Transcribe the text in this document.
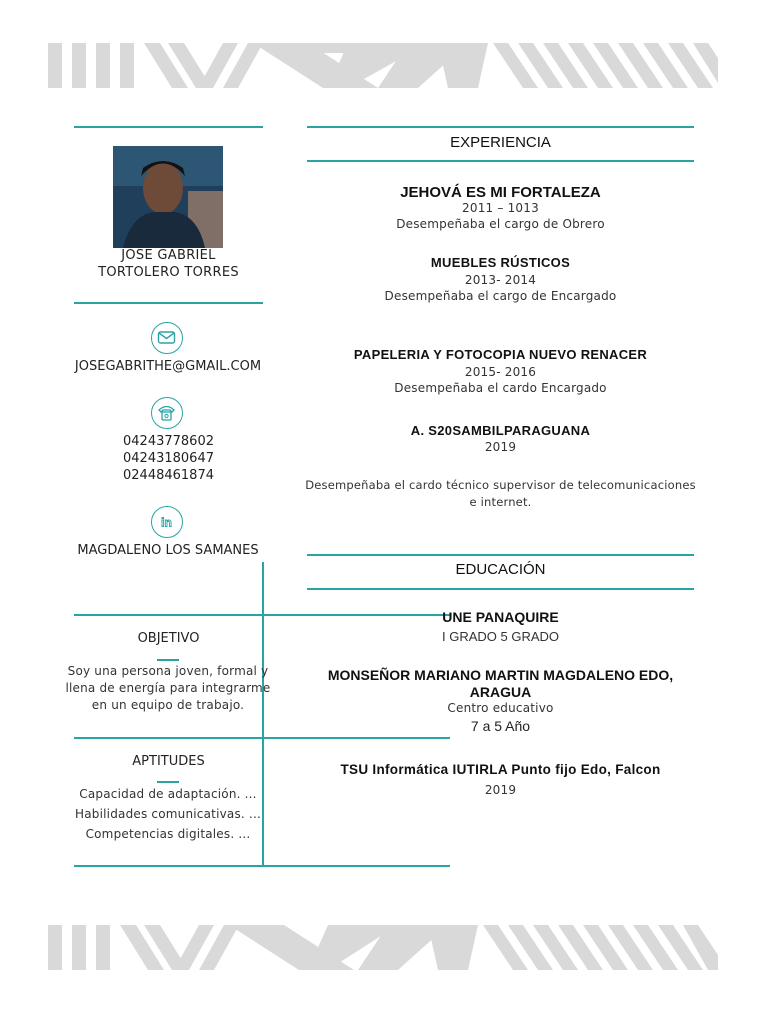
JOSE GABRIEL
TORTOLERO TORRES
JOSEGABRITHE@GMAIL.COM
04243778602
04243180647
02448461874
in
MAGDALENO LOS SAMANES
OBJETIVO
Soy una persona joven, formal y
llena de energía para integrarme
en un equipo de trabajo.
APTITUDES
Capacidad de adaptación. ...
Habilidades comunicativas. ...
Competencias digitales. ...
EXPERIENCIA
JEHOVÁ ES MI FORTALEZA
2011 – 1013
Desempeñaba el cargo de Obrero
MUEBLES RÚSTICOS
2013- 2014
Desempeñaba el cargo de Encargado
PAPELERIA Y FOTOCOPIA NUEVO RENACER
2015- 2016
Desempeñaba el cardo Encargado
A. S20SAMBILPARAGUANA
2019
Desempeñaba el cardo técnico supervisor de telecomunicaciones
e internet.
EDUCACIÓN
UNE PANAQUIRE
I GRADO 5 GRADO
MONSEÑOR MARIANO MARTIN MAGDALENO EDO,
ARAGUA
Centro educativo
7 a 5 Año
TSU Informática IUTIRLA Punto fijo Edo, Falcon
2019
